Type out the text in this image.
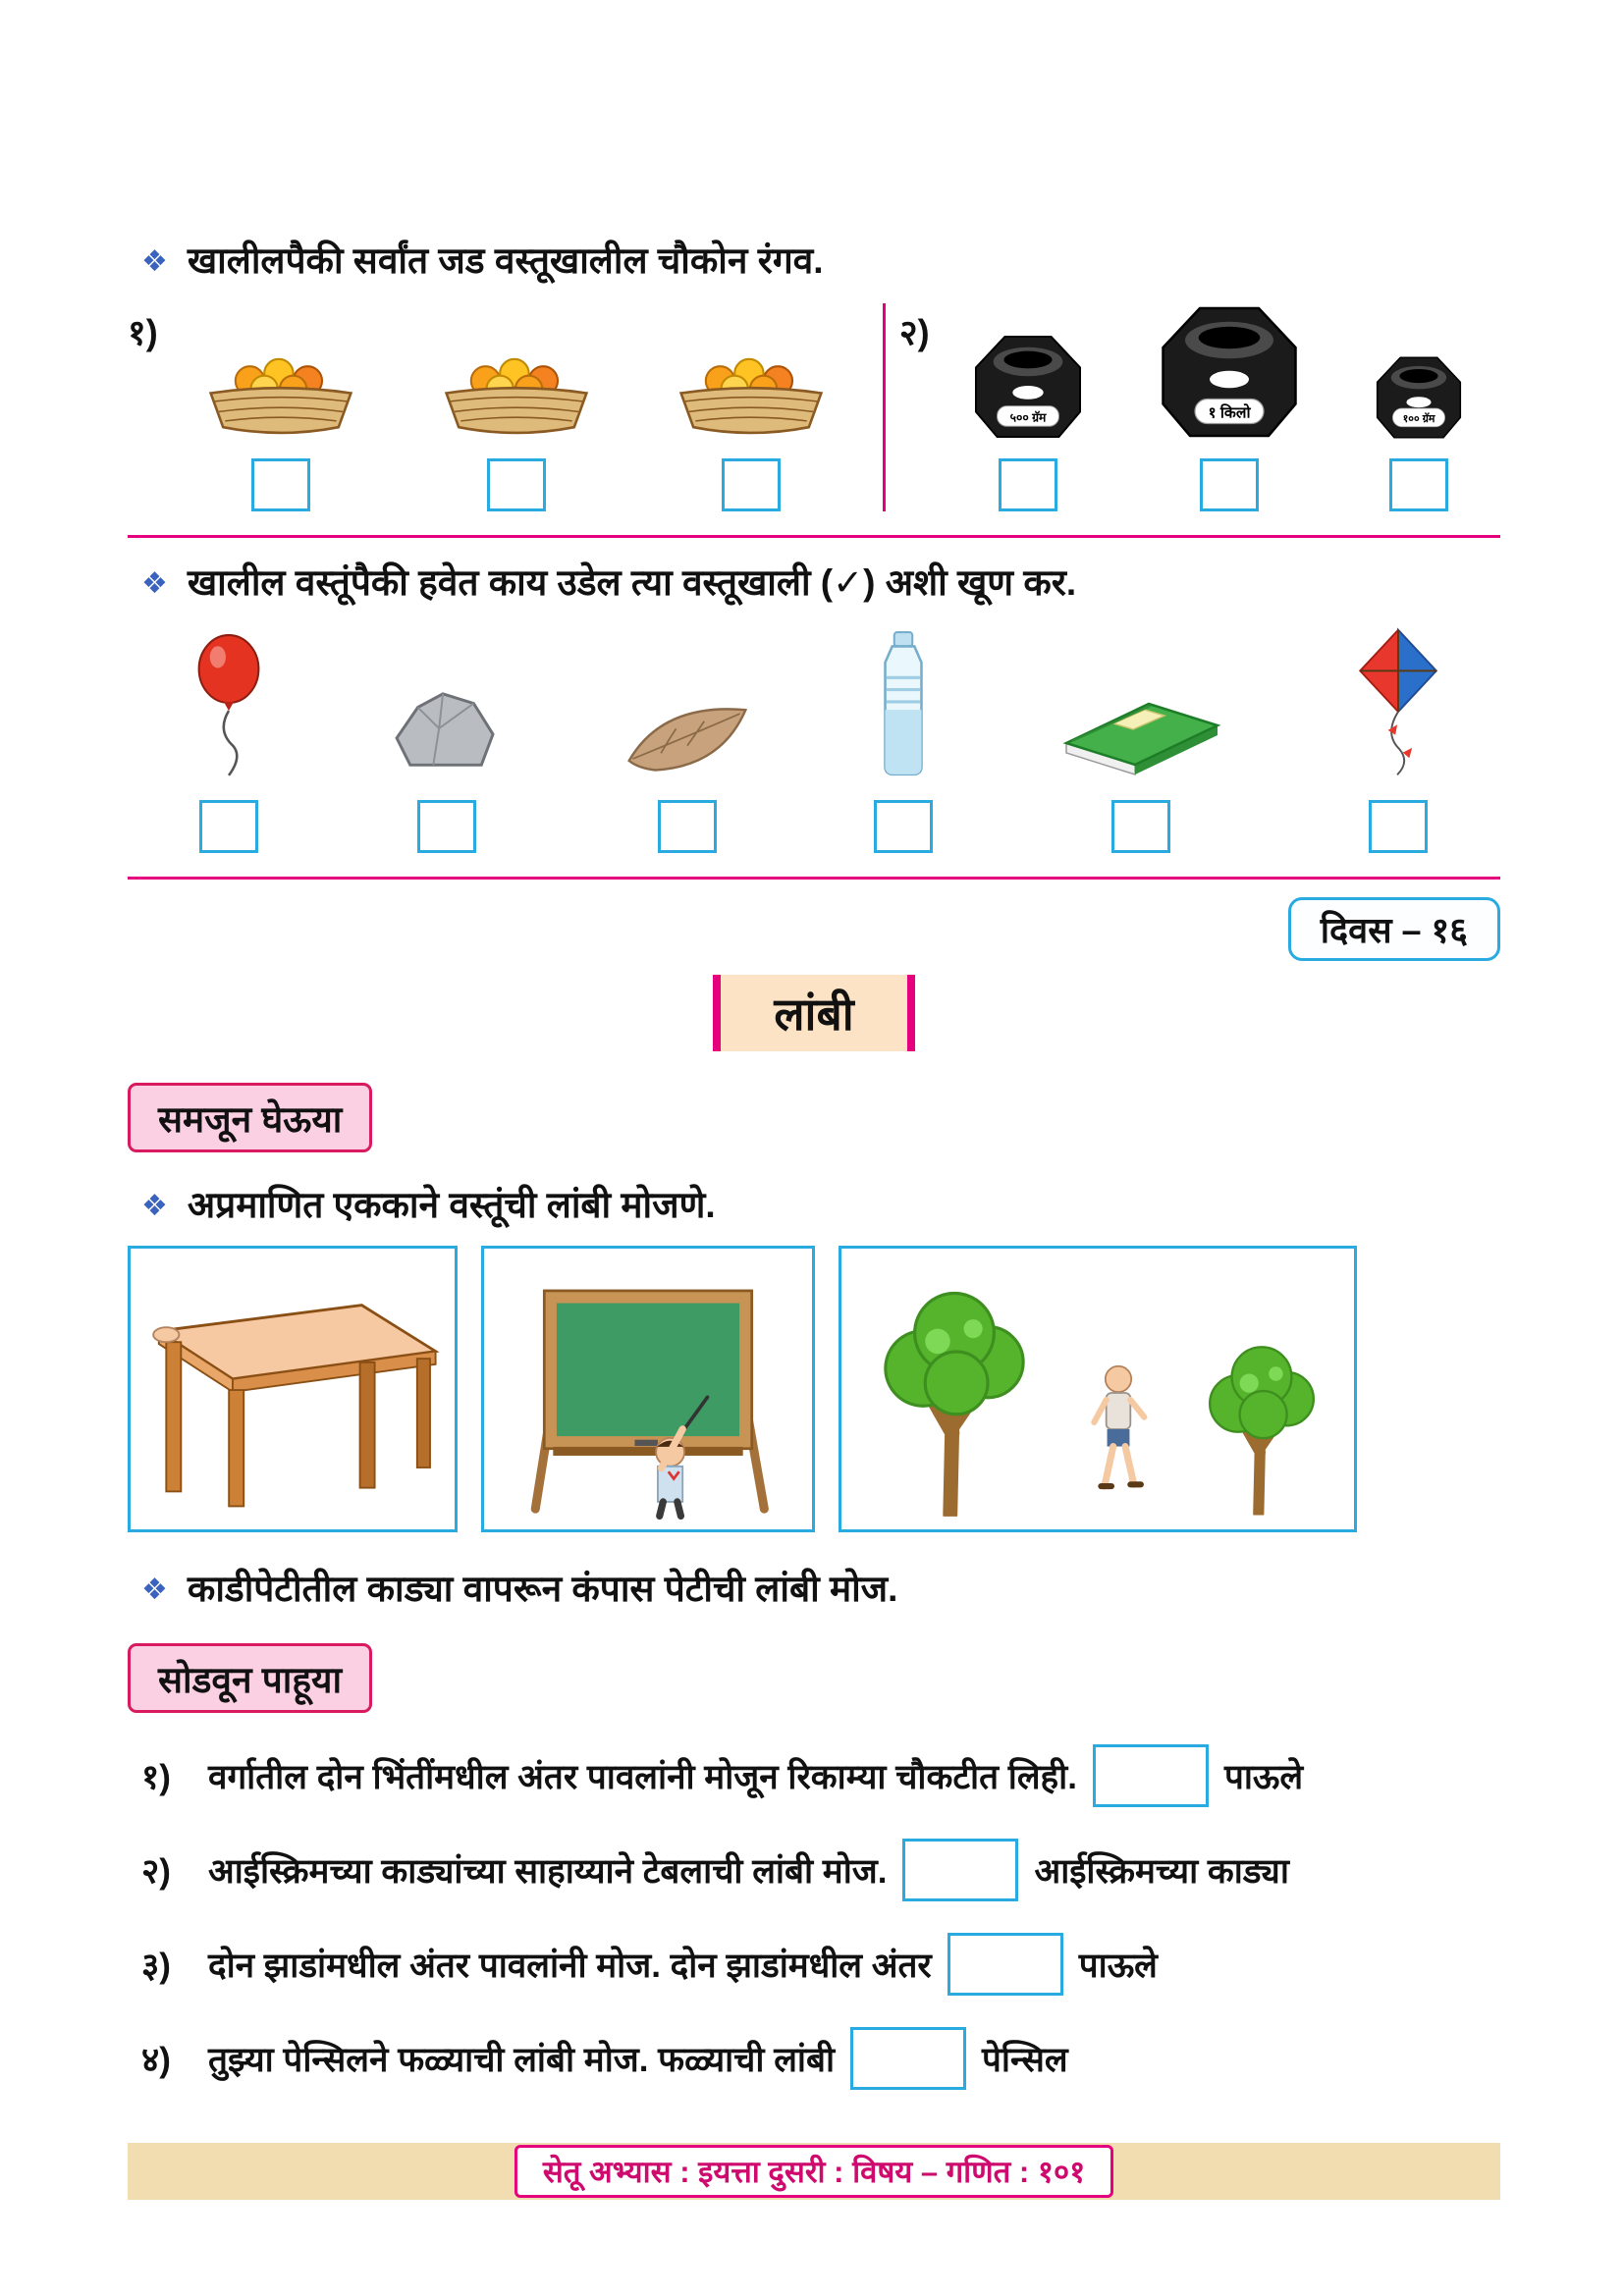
❖ खालीलपैकी सर्वांत जड वस्तूखालील चौकोन रंगव.
१)	२)
५०० ग्रॅम	१ किलो	१०० ग्रॅम
❖ खालील वस्तूंपैकी हवेत काय उडेल त्या वस्तूखाली (✓) अशी खूण कर.
दिवस – १६
लांबी
समजून घेऊया
❖ अप्रमाणित एककाने वस्तूंची लांबी मोजणे.
❖ काडीपेटीतील काड्या वापरून कंपास पेटीची लांबी मोज.
सोडवून पाहूया
१)	वर्गातील दोन भिंतींमधील अंतर पावलांनी मोजून रिकाम्या चौकटीत लिही.	पाऊले
२)	आईस्क्रिमच्या काड्यांच्या साहाय्याने टेबलाची लांबी मोज.	आईस्क्रिमच्या काड्या
३)	दोन झाडांमधील अंतर पावलांनी मोज. दोन झाडांमधील अंतर	पाऊले
४)	तुझ्या पेन्सिलने फळ्याची लांबी मोज. फळ्याची लांबी	पेन्सिल
सेतू अभ्यास : इयत्ता दुसरी : विषय – गणित : १०१
